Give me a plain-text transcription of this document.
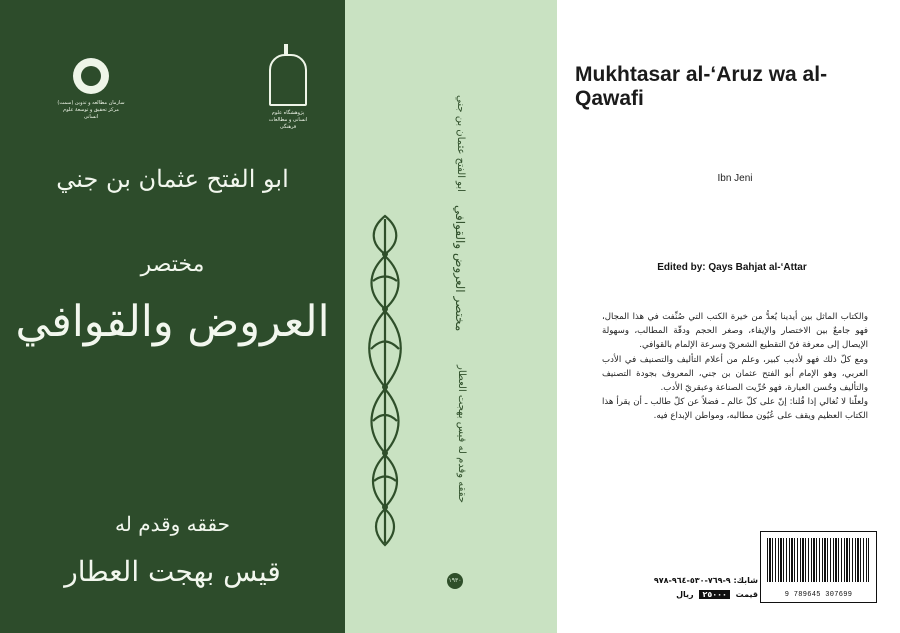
سازمان مطالعه و تدوین (سمت) مرکز تحقیق و توسعهٔ علوم انسانی
پژوهشگاه علوم انسانی و مطالعات فرهنگی
ابو الفتح عثمان بن جني
مختصر
العروض والقوافي
حققه وقدم له
قيس بهجت العطار
ابو الفتح عثمان بن جني
مختصر العروض والقوافي
حققه وقدم له قيس بهجت العطار
١٩٣٠
Mukhtasar al-‘Aruz wa al-Qawafi
Ibn Jeni
Edited by: Qays Bahjat al-‘Attar

والكتاب الماثل بين أيدينا يُعدُّ من خيرة الكتب التي صُنِّفت في هذا المجال، فهو جامعٌ بين الاختصار والإيفاء، وصغر الحجم ودقّة المطالب، وسهولة الإيصال إلى معرفة فنّ التقطيع الشعريّ وسرعة الإلمام بالقوافي.

ومع كلّ ذلك فهو لأديب كبير، وعلم من أعلام التأليف والتصنيف في الأدب العربي، وهو الإمام أبو الفتح عثمان بن جني، المعروف بجودة التصنيف والتأليف وحُسن العبارة، فهو حُرِّيت الصناعة وعبقريّ الأدب.

ولعلّنا لا نُغالي إذا قُلنا: إنّ على كلّ عالم ـ فضلاً عن كلّ طالب ـ أن يقرأ هذا الكتاب العظيم ويقف على عُيُون مطالبه، ومواطن الإبداع فيه.

شابك: ٩-٧٦٩-٥٣٠-٩٦٤-٩٧٨
قيمت ٢٥٠٠٠ ريال	9 789645 307699
